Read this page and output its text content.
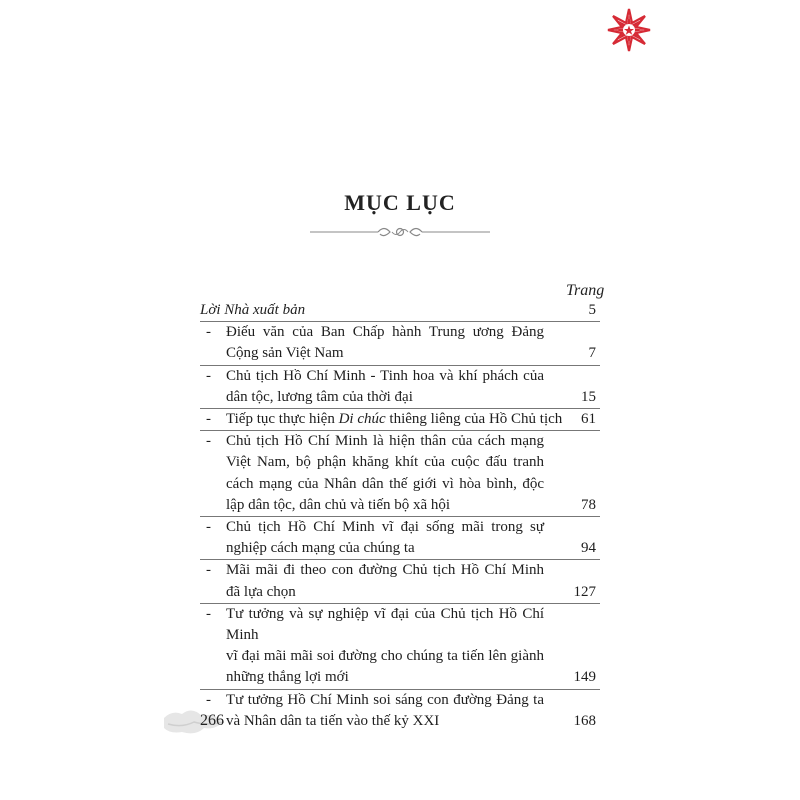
MỤC LỤC
Trang
Lời Nhà xuất bản	5
- Điếu văn của Ban Chấp hành Trung ương Đảng
Cộng sản Việt Nam	7
- Chủ tịch Hồ Chí Minh - Tinh hoa và khí phách của
dân tộc, lương tâm của thời đại	15
- Tiếp tục thực hiện Di chúc thiêng liêng của Hồ Chủ tịch	61
- Chủ tịch Hồ Chí Minh là hiện thân của cách mạng
Việt Nam, bộ phận khăng khít của cuộc đấu tranh
cách mạng của Nhân dân thế giới vì hòa bình, độc
lập dân tộc, dân chủ và tiến bộ xã hội	78
- Chủ tịch Hồ Chí Minh vĩ đại sống mãi trong sự
nghiệp cách mạng của chúng ta	94
- Mãi mãi đi theo con đường Chủ tịch Hồ Chí Minh
đã lựa chọn	127
- Tư tưởng và sự nghiệp vĩ đại của Chủ tịch Hồ Chí Minh
vĩ đại mãi mãi soi đường cho chúng ta tiến lên giành
những thắng lợi mới	149
- Tư tưởng Hồ Chí Minh soi sáng con đường Đảng ta
và Nhân dân ta tiến vào thế kỷ XXI	168
266
